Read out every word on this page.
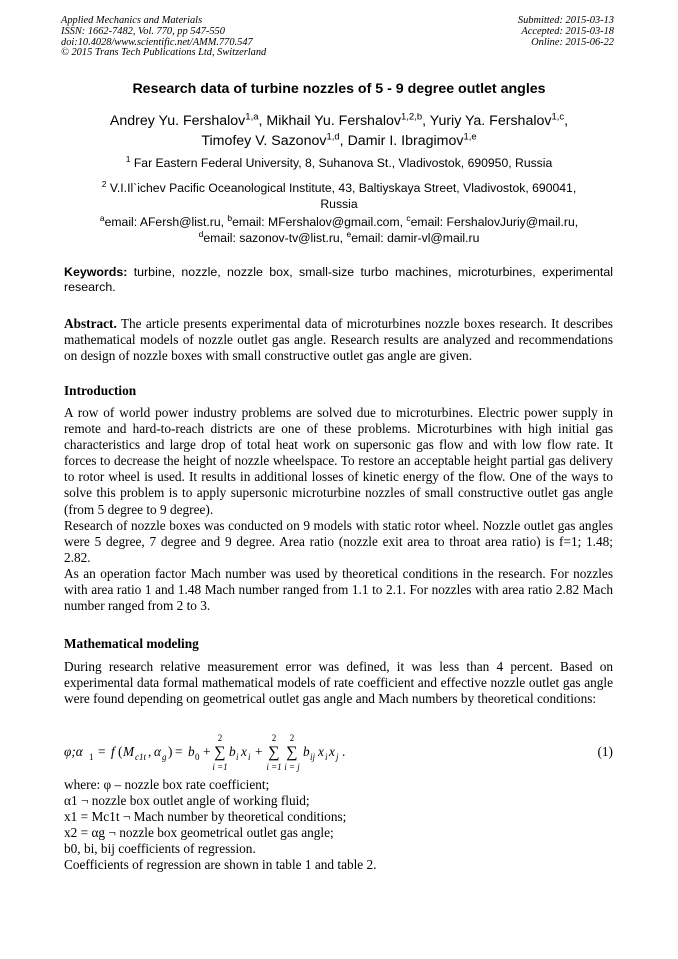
Applied Mechanics and Materials
ISSN: 1662-7482, Vol. 770, pp 547-550
doi:10.4028/www.scientific.net/AMM.770.547
© 2015 Trans Tech Publications Ltd, Switzerland
Submitted: 2015-03-13
Accepted: 2015-03-18
Online: 2015-06-22
Research data of turbine nozzles of 5 - 9 degree outlet angles
Andrey Yu. Fershalov$^{1,a}$, Mikhail Yu. Fershalov$^{1,2,b}$, Yuriy Ya. Fershalov$^{1,c}$,
Timofey V. Sazonov$^{1,d}$, Damir I. Ibragimov$^{1,e}$
$^1$ Far Eastern Federal University, 8, Suhanova St., Vladivostok, 690950, Russia
$^2$ V.I.Il`ichev Pacific Oceanological Institute, 43, Baltiyskaya Street, Vladivostok, 690041, Russia
$^a$email: AFersh@list.ru, $^b$email: MFershalov@gmail.com, $^c$email: FershalovJuriy@mail.ru,
$^d$email: sazonov-tv@list.ru, $^e$email: damir-vl@mail.ru
Keywords: turbine, nozzle, nozzle box, small-size turbo machines, microturbines, experimental research.
Abstract. The article presents experimental data of microturbines nozzle boxes research. It describes mathematical models of nozzle outlet gas angle. Research results are analyzed and recommendations on design of nozzle boxes with small constructive outlet gas angle are given.
Introduction

A row of world power industry problems are solved due to microturbines. Electric power supply in remote and hard-to-reach districts are one of these problems. Microturbines with high initial gas characteristics and large drop of total heat work on supersonic gas flow and with low flow rate. It forces to decrease the height of nozzle wheelspace. To restore an acceptable height partial gas delivery to rotor wheel is used. It results in additional losses of kinetic energy of the flow. One of the ways to solve this problem is to apply supersonic microturbine nozzles of small constructive outlet gas angle (from 5 degree to 9 degree).

Research of nozzle boxes was conducted on 9 models with static rotor wheel. Nozzle outlet gas angles were 5 degree, 7 degree and 9 degree. Area ratio (nozzle exit area to throat area ratio) is f=1; 1.48; 2.82.

As an operation factor Mach number was used by theoretical conditions in the research. For nozzles with area ratio 1 and 1.48 Mach number ranged from 1.1 to 2.1. For nozzles with area ratio 2.82 Mach number ranged from 2 to 3.

Mathematical modeling
During research relative measurement error was defined, it was less than 4 percent. Based on experimental data formal mathematical models of rate coefficient and effective nozzle outlet gas angle were found depending on geometrical outlet gas angle and Mach numbers by theoretical conditions:
φ;α 1 = f ( M c1t , α g ) = b 0 +
2
∑
i =1
b i x i +
2
∑
i =1
2
∑
i = j
b ij x i x j .	(1)
where: φ – nozzle box rate coefficient;
α1 ¬ nozzle box outlet angle of working fluid;
x1 = Mc1t ¬ Mach number by theoretical conditions;
x2 = αg ¬ nozzle box geometrical outlet gas angle;
b0, bi, bij coefficients of regression.
Coefficients of regression are shown in table 1 and table 2.
